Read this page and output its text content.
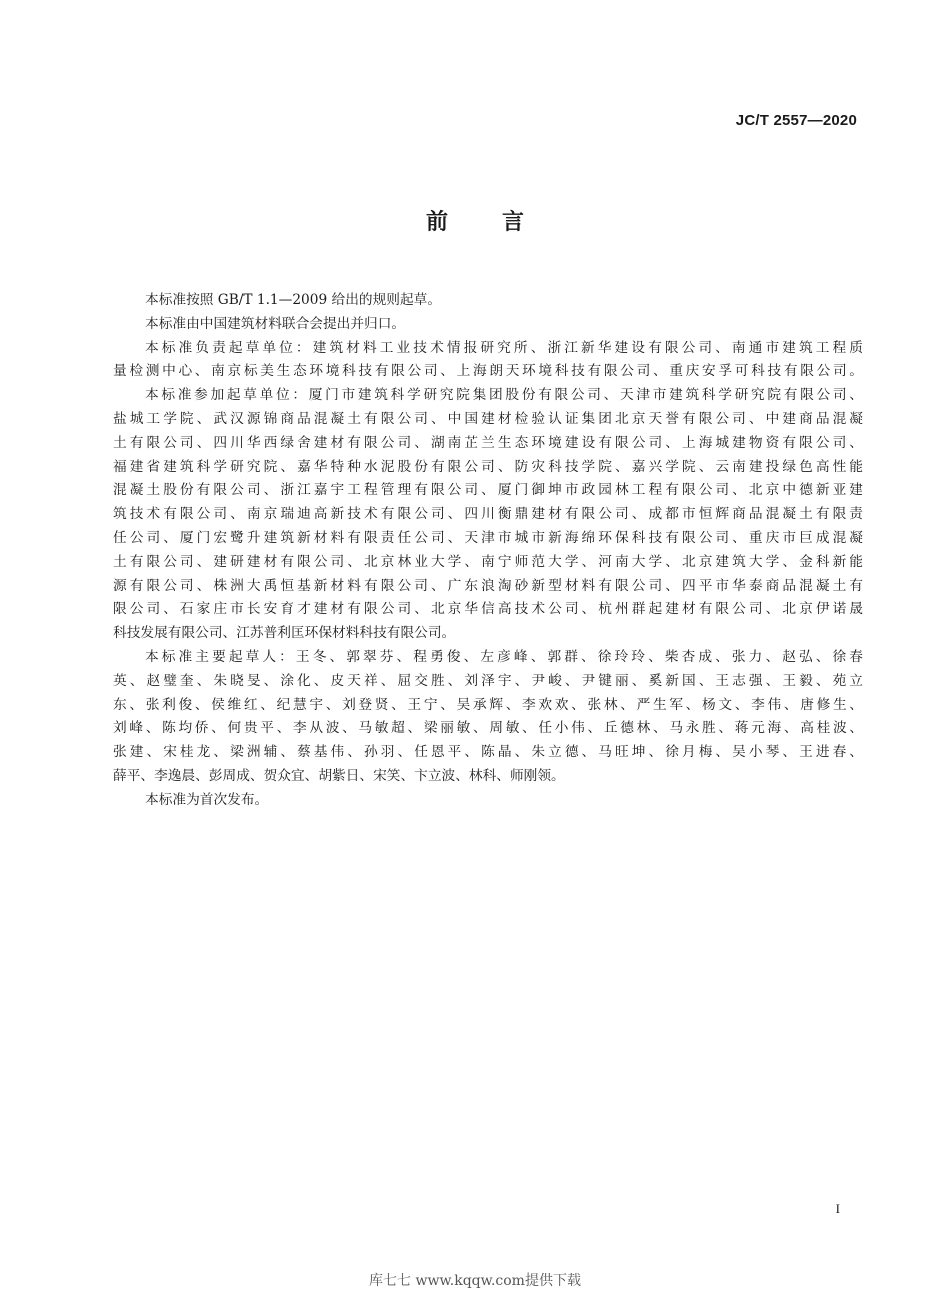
JC/T 2557—2020
前言
本标准按照 GB/T 1.1—2009 给出的规则起草。
本标准由中国建筑材料联合会提出并归口。
本标准负责起草单位：建筑材料工业技术情报研究所、浙江新华建设有限公司、南通市建筑工程质
量检测中心、南京标美生态环境科技有限公司、上海朗天环境科技有限公司、重庆安孚可科技有限公司。
本标准参加起草单位：厦门市建筑科学研究院集团股份有限公司、天津市建筑科学研究院有限公司、
盐城工学院、武汉源锦商品混凝土有限公司、中国建材检验认证集团北京天誉有限公司、中建商品混凝
土有限公司、四川华西绿舍建材有限公司、湖南芷兰生态环境建设有限公司、上海城建物资有限公司、
福建省建筑科学研究院、嘉华特种水泥股份有限公司、防灾科技学院、嘉兴学院、云南建投绿色高性能
混凝土股份有限公司、浙江嘉宇工程管理有限公司、厦门御坤市政园林工程有限公司、北京中德新亚建
筑技术有限公司、南京瑞迪高新技术有限公司、四川衡鼎建材有限公司、成都市恒辉商品混凝土有限责
任公司、厦门宏鹭升建筑新材料有限责任公司、天津市城市新海绵环保科技有限公司、重庆市巨成混凝
土有限公司、建研建材有限公司、北京林业大学、南宁师范大学、河南大学、北京建筑大学、金科新能
源有限公司、株洲大禹恒基新材料有限公司、广东浪淘砂新型材料有限公司、四平市华泰商品混凝土有
限公司、石家庄市长安育才建材有限公司、北京华信高技术公司、杭州群起建材有限公司、北京伊诺晟
科技发展有限公司、江苏普利匡环保材料科技有限公司。
本标准主要起草人：王冬、郭翠芬、程勇俊、左彦峰、郭群、徐玲玲、柴杏成、张力、赵弘、徐春
英、赵璧奎、朱晓旻、涂化、皮天祥、屈交胜、刘泽宇、尹峻、尹键丽、奚新国、王志强、王毅、苑立
东、张利俊、侯维红、纪慧宇、刘登贤、王宁、吴承辉、李欢欢、张林、严生军、杨文、李伟、唐修生、
刘峰、陈均侨、何贵平、李从波、马敏超、梁丽敏、周敏、任小伟、丘德林、马永胜、蒋元海、高桂波、
张建、宋桂龙、梁洲辅、蔡基伟、孙羽、任恩平、陈晶、朱立德、马旺坤、徐月梅、吴小琴、王进春、
薛平、李逸晨、彭周成、贺众宜、胡紫日、宋笑、卞立波、林科、师刚领。
本标准为首次发布。
I
库七七 www.kqqw.com提供下载
